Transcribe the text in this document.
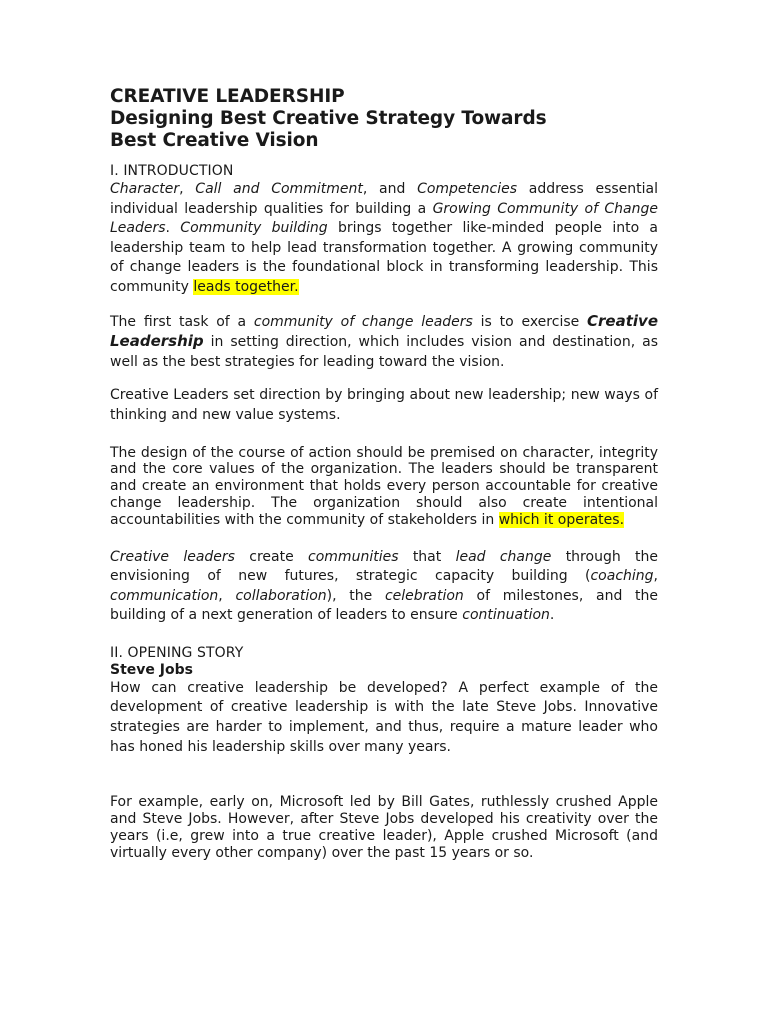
CREATIVE LEADERSHIP
Designing Best Creative Strategy Towards
Best Creative Vision
I. INTRODUCTION

Character, Call and Commitment, and Competencies address essential individual leadership qualities for building a Growing Community of Change Leaders. Community building brings together like-minded people into a leadership team to help lead transformation together. A growing community of change leaders is the foundational block in transforming leadership. This community leads together.

The first task of a community of change leaders is to exercise Creative Leadership in setting direction, which includes vision and destination, as well as the best strategies for leading toward the vision.

Creative Leaders set direction by bringing about new leadership; new ways of thinking and new value systems.

The design of the course of action should be premised on character, integrity and the core values of the organization. The leaders should be transparent and create an environment that holds every person accountable for creative change leadership. The organization should also create intentional accountabilities with the community of stakeholders in which it operates.

Creative leaders create communities that lead change through the envisioning of new futures, strategic capacity building (coaching, communication, collaboration), the celebration of milestones, and the building of a next generation of leaders to ensure continuation.

II. OPENING STORY
Steve Jobs

How can creative leadership be developed? A perfect example of the development of creative leadership is with the late Steve Jobs. Innovative strategies are harder to implement, and thus, require a mature leader who has honed his leadership skills over many years.

For example, early on, Microsoft led by Bill Gates, ruthlessly crushed Apple and Steve Jobs. However, after Steve Jobs developed his creativity over the years (i.e, grew into a true creative leader), Apple crushed Microsoft (and virtually every other company) over the past 15 years or so.
